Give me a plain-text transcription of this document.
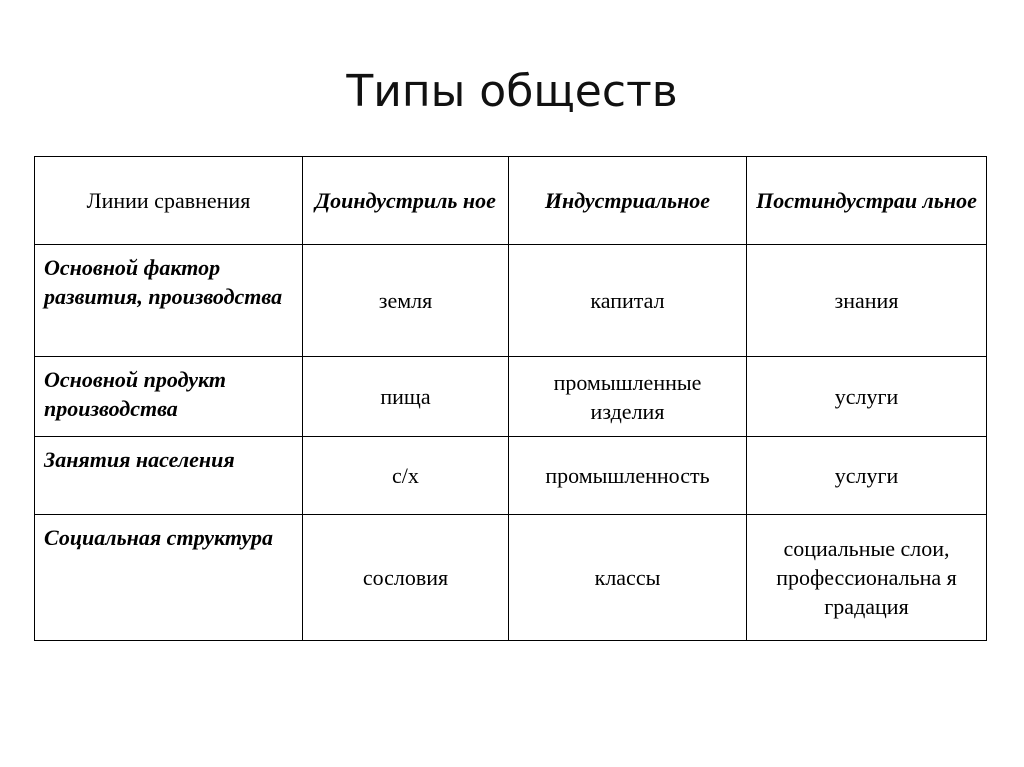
Типы обществ
Линии сравнения	Доиндустриль ное	Индустриальное	Постиндустраи льное
Основной фактор развития, производства	земля	капитал	знания
Основной продукт производства	пища	промышленные изделия	услуги
Занятия населения	с/х	промышленность	услуги
Социальная структура	сословия	классы	социальные слои, профессиональна я градация
